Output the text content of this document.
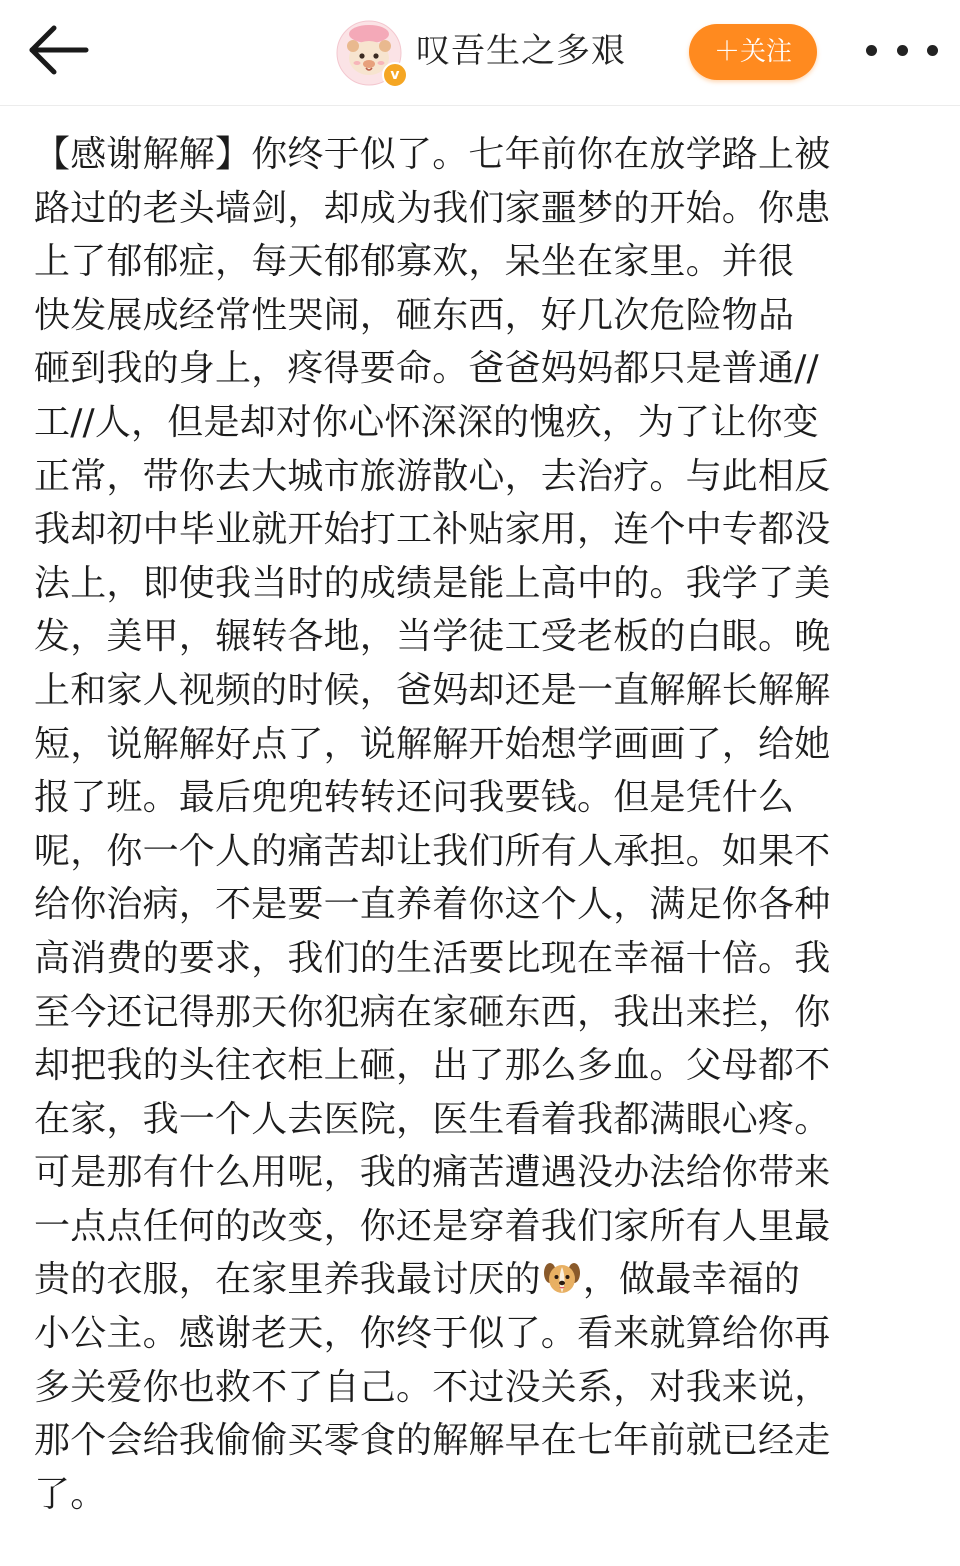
v
叹吾生之多艰	＋关注
【感谢解解】你终于似了。七年前你在放学路上被
路过的老头墙剑，却成为我们家噩梦的开始。你患
上了郁郁症，每天郁郁寡欢，呆坐在家里。并很
快发展成经常性哭闹，砸东西，好几次危险物品
砸到我的身上，疼得要命。爸爸妈妈都只是普通//
工//人，但是却对你心怀深深的愧疚，为了让你变
正常，带你去大城市旅游散心，去治疗。与此相反
我却初中毕业就开始打工补贴家用，连个中专都没
法上，即使我当时的成绩是能上高中的。我学了美
发，美甲，辗转各地，当学徒工受老板的白眼。晚
上和家人视频的时候，爸妈却还是一直解解长解解
短，说解解好点了，说解解开始想学画画了，给她
报了班。最后兜兜转转还问我要钱。但是凭什么
呢，你一个人的痛苦却让我们所有人承担。如果不
给你治病，不是要一直养着你这个人，满足你各种
高消费的要求，我们的生活要比现在幸福十倍。我
至今还记得那天你犯病在家砸东西，我出来拦，你
却把我的头往衣柜上砸，出了那么多血。父母都不
在家，我一个人去医院，医生看着我都满眼心疼。
可是那有什么用呢，我的痛苦遭遇没办法给你带来
一点点任何的改变，你还是穿着我们家所有人里最
贵的衣服，在家里养我最讨厌的 ，做最幸福的
小公主。感谢老天，你终于似了。看来就算给你再
多关爱你也救不了自己。不过没关系，对我来说，
那个会给我偷偷买零食的解解早在七年前就已经走
了。
